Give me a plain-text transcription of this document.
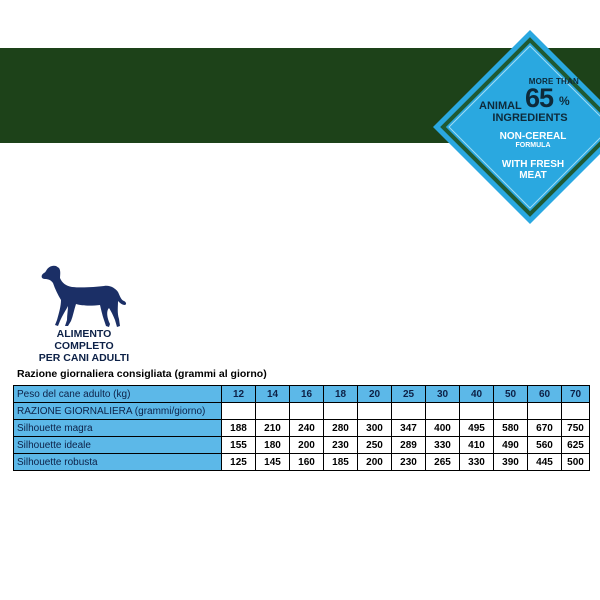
MORE THAN
ANIMAL 65 %
INGREDIENTS
NON-CEREAL
FORMULA
WITH FRESH
MEAT
ALIMENTO COMPLETO
PER CANI ADULTI
Razione giornaliera consigliata (grammi al giorno)
Peso del cane adulto (kg)	12	14	16	18	20	25	30	40	50	60	70
RAZIONE GIORNALIERA (grammi/giorno)											
Silhouette magra	188	210	240	280	300	347	400	495	580	670	750
Silhouette ideale	155	180	200	230	250	289	330	410	490	560	625
Silhouette robusta	125	145	160	185	200	230	265	330	390	445	500
